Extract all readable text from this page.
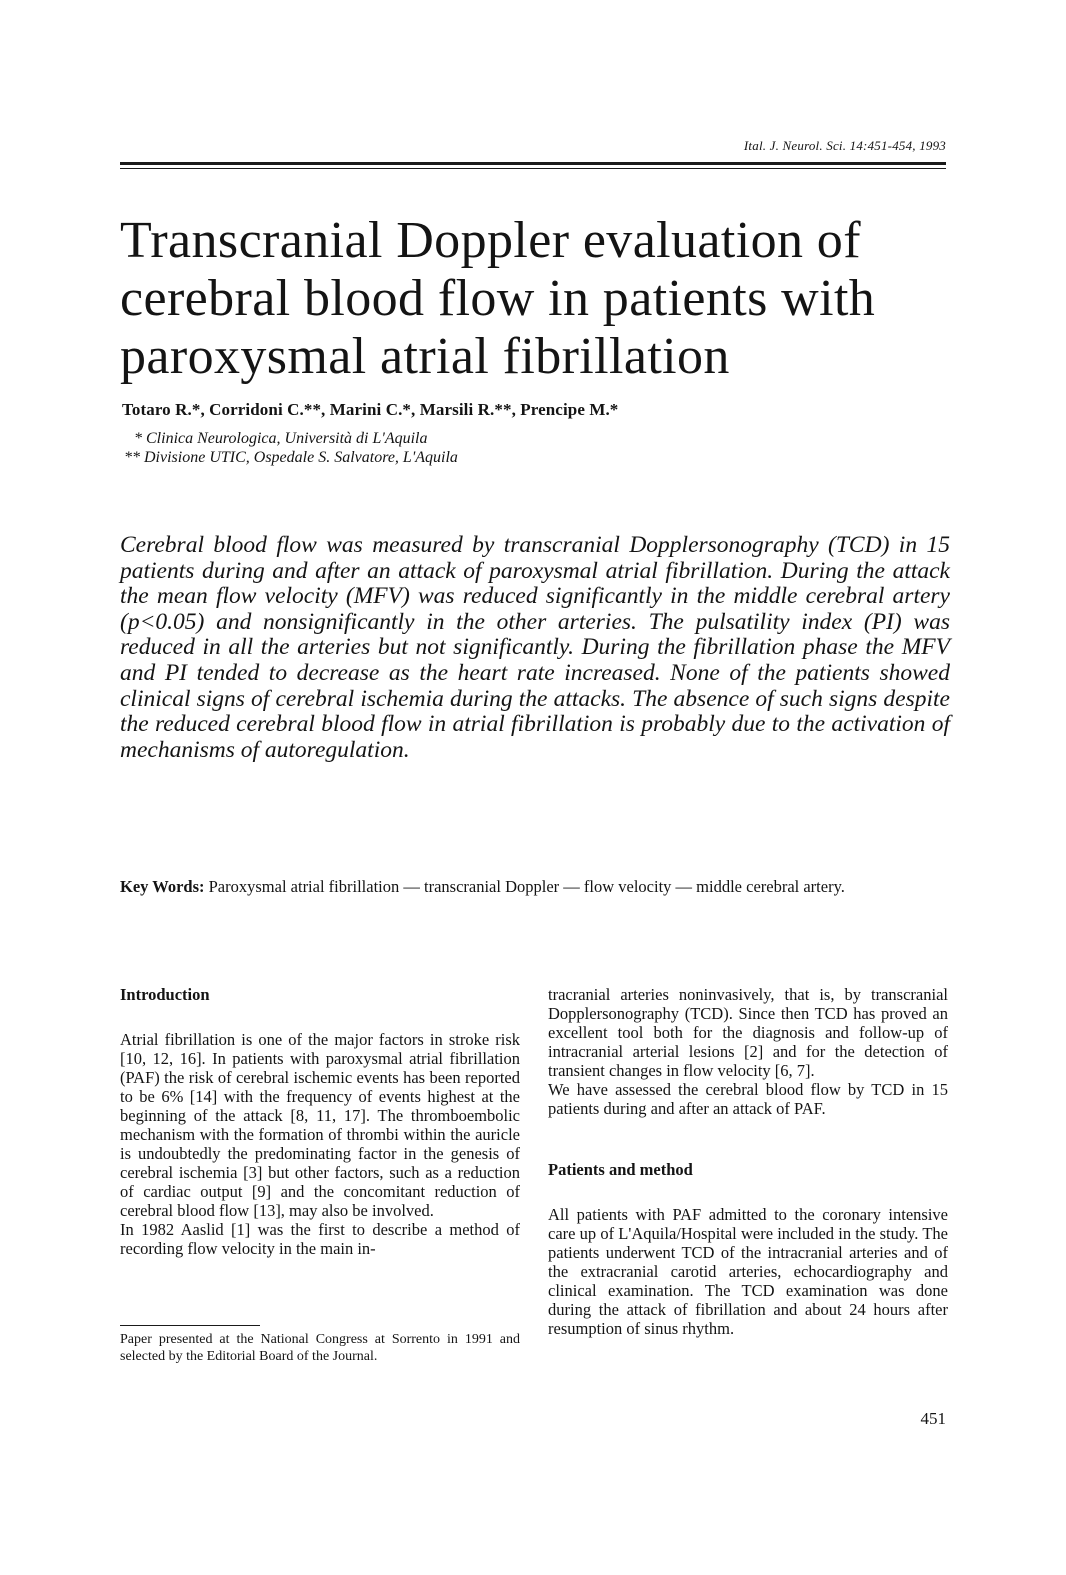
Ital. J. Neurol. Sci. 14:451-454, 1993
Transcranial Doppler evaluation of cerebral blood flow in patients with paroxysmal atrial fibrillation
Totaro R.*, Corridoni C.**, Marini C.*, Marsili R.**, Prencipe M.*
* Clinica Neurologica, Università di L'Aquila
** Divisione UTIC, Ospedale S. Salvatore, L'Aquila

Cerebral blood flow was measured by transcranial Dopplersonography (TCD) in 15 patients during and after an attack of paroxysmal atrial fibrillation. During the attack the mean flow velocity (MFV) was reduced significantly in the middle cerebral artery (p<0.05) and nonsignificantly in the other arteries. The pulsatility index (PI) was reduced in all the arteries but not significantly. During the fibrillation phase the MFV and PI tended to decrease as the heart rate increased. None of the patients showed clinical signs of cerebral ischemia during the attacks. The absence of such signs despite the reduced cerebral blood flow in atrial fibrillation is probably due to the activation of mechanisms of autoregulation.

Key Words: Paroxysmal atrial fibrillation — transcranial Doppler — flow velocity — middle cerebral artery.

Introduction

Atrial fibrillation is one of the major factors in stroke risk [10, 12, 16]. In patients with paroxysmal atrial fibrillation (PAF) the risk of cerebral ischemic events has been reported to be 6% [14] with the frequency of events highest at the beginning of the attack [8, 11, 17]. The thromboembolic mechanism with the formation of thrombi within the auricle is undoubtedly the predominating factor in the genesis of cerebral ischemia [3] but other factors, such as a reduction of cardiac output [9] and the concomitant reduction of cerebral blood flow [13], may also be involved.

In 1982 Aaslid [1] was the first to describe a method of recording flow velocity in the main in-

tracranial arteries noninvasively, that is, by transcranial Dopplersonography (TCD). Since then TCD has proved an excellent tool both for the diagnosis and follow-up of intracranial arterial lesions [2] and for the detection of transient changes in flow velocity [6, 7].

We have assessed the cerebral blood flow by TCD in 15 patients during and after an attack of PAF.

Patients and method

All patients with PAF admitted to the coronary intensive care up of L'Aquila/Hospital were included in the study. The patients underwent TCD of the intracranial arteries and of the extracranial carotid arteries, echocardiography and clinical examination. The TCD examination was done during the attack of fibrillation and about 24 hours after resumption of sinus rhythm.

Paper presented at the National Congress at Sorrento in 1991 and selected by the Editorial Board of the Journal.

451
